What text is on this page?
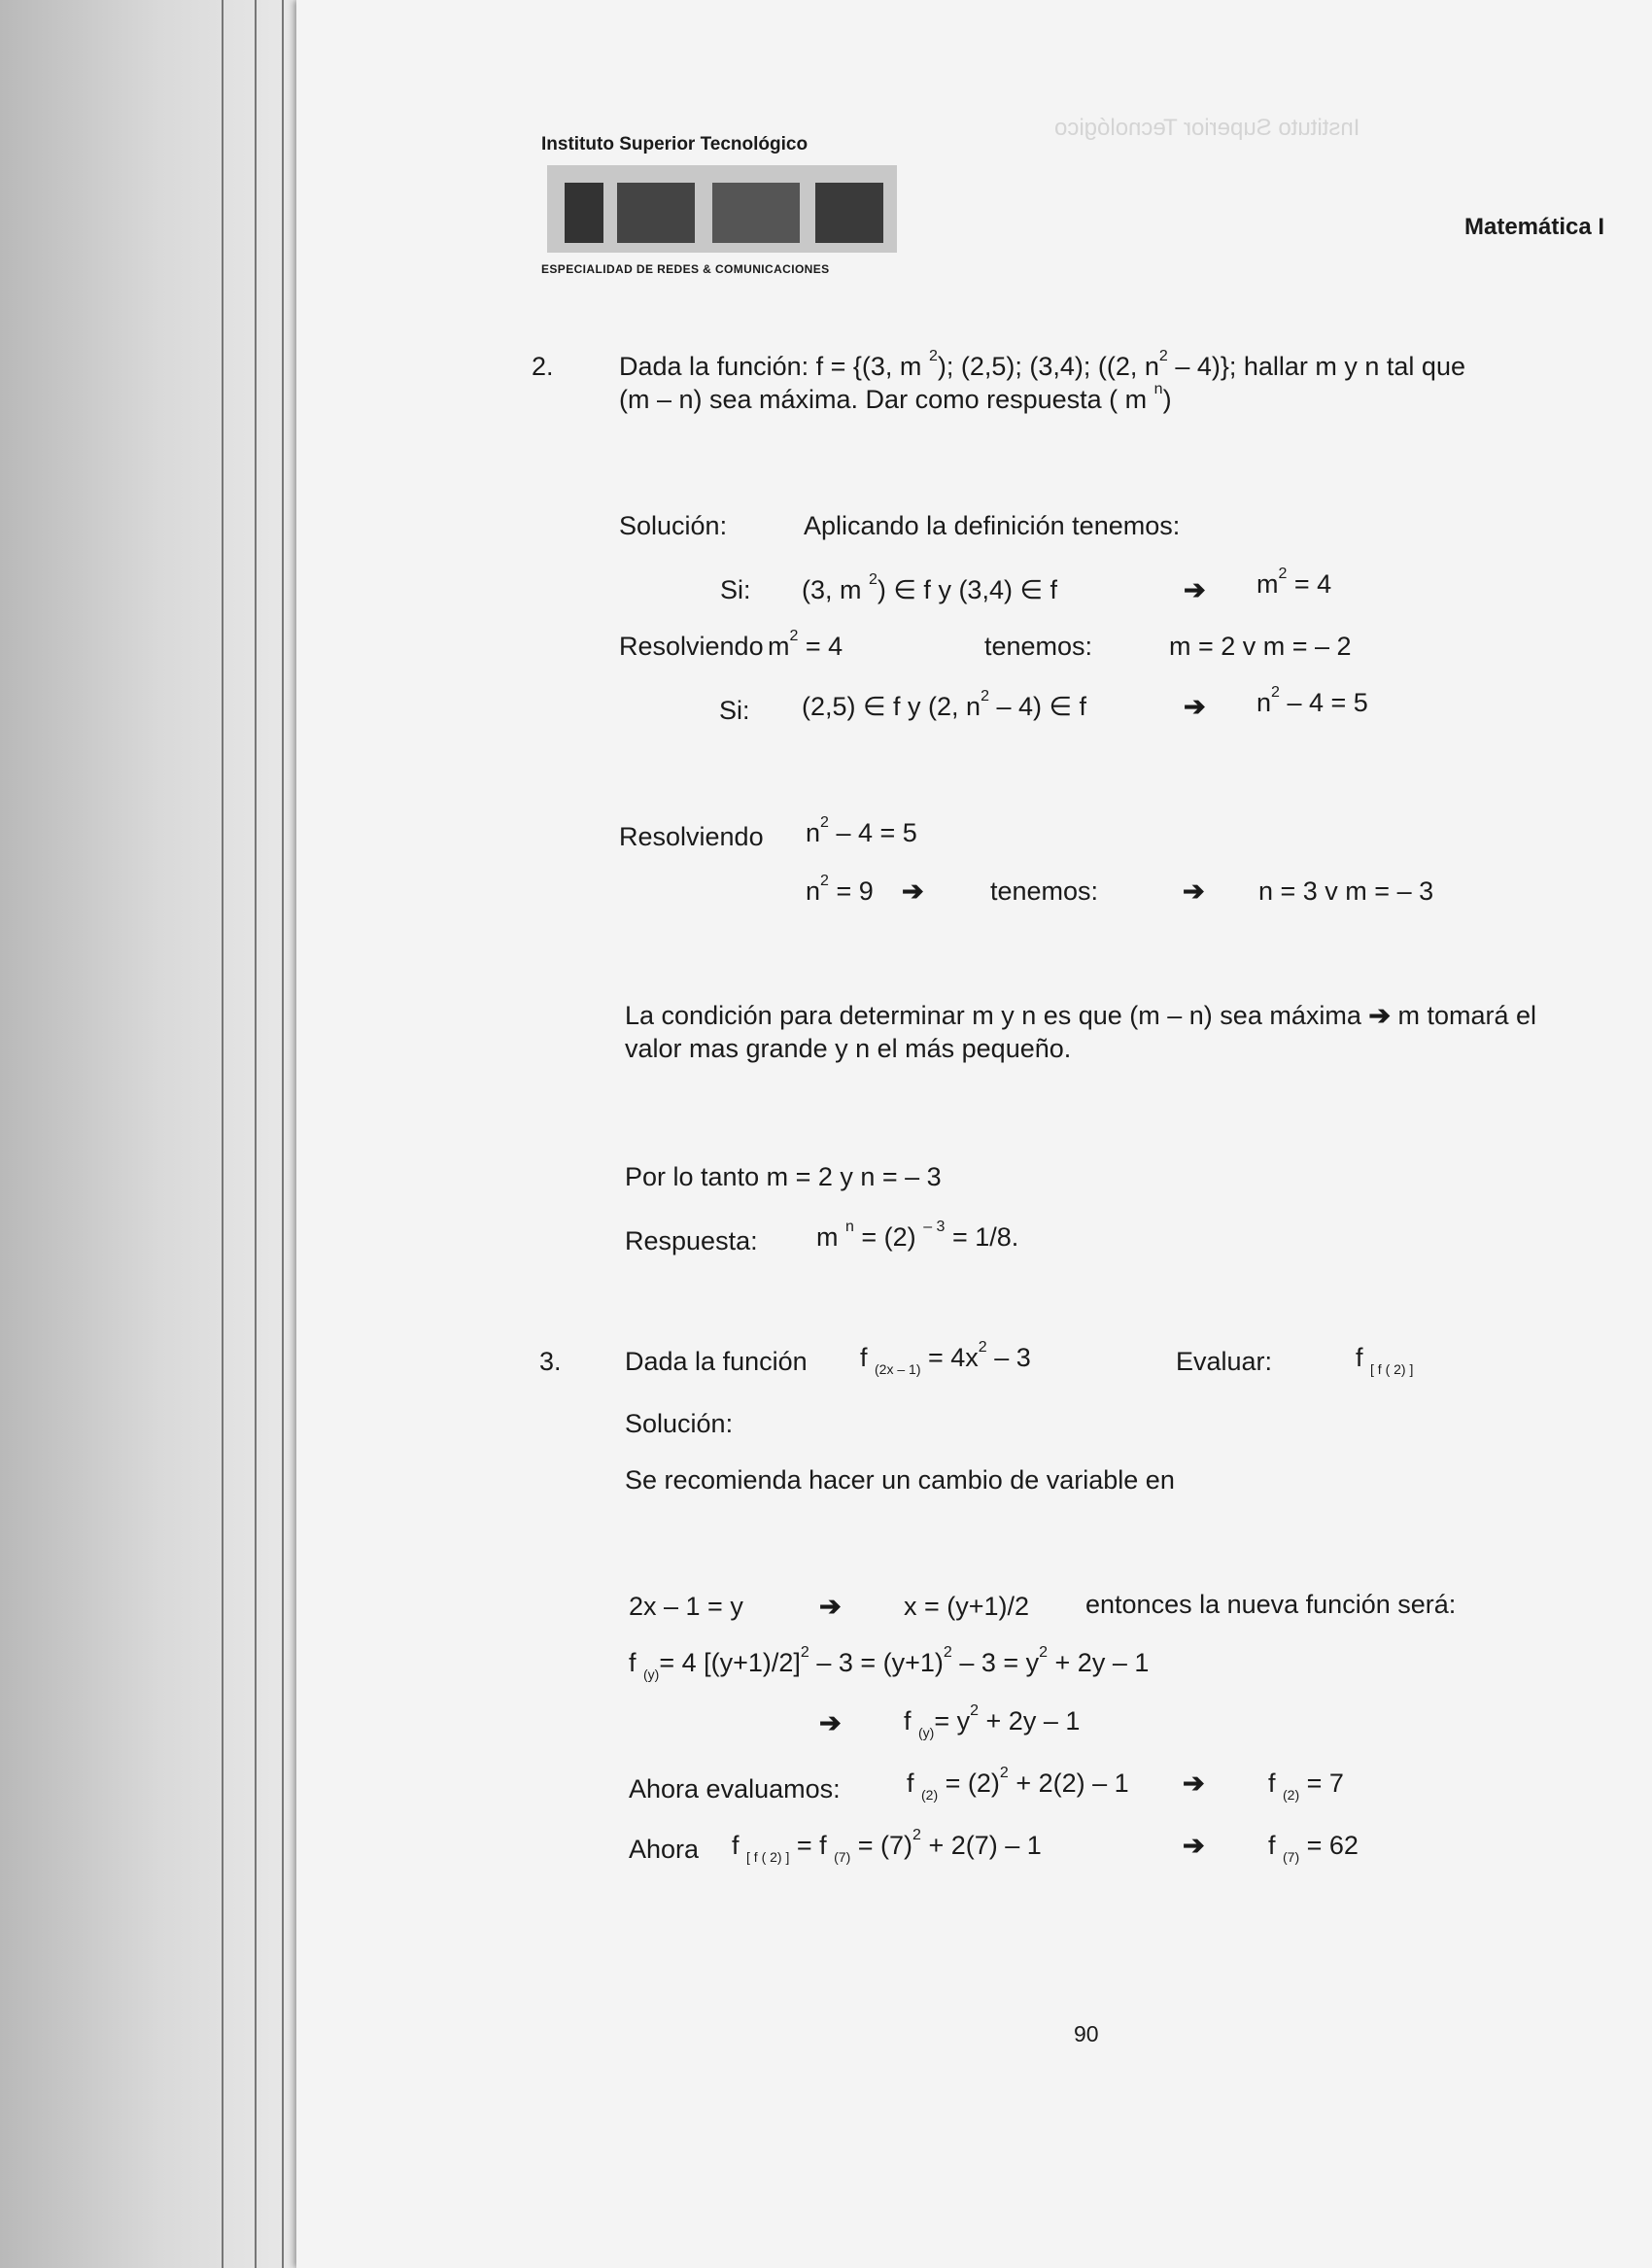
Instituto Superior Tecnológico
Instituto Superior Tecnológico
ESPECIALIDAD DE REDES & COMUNICACIONES
Matemática I
2. Dada la función: f = {(3, m $^2$); (2,5); (3,4); ((2, $n^2 - 4$)}; hallar m y n tal que
(m – n) sea máxima. Dar como respuesta ( m $^n$)
Solución:	Aplicando la definición tenemos:
Si: (3, m $^2$) ∈ f y (3,4) ∈ f	➔ $m^2 = 4$
Resolviendo $m^2 = 4$	tenemos:	m = 2 v m = – 2
Si: (2,5) ∈ f y (2, $n^2 - 4$) ∈ f	➔ $n^2 - 4 = 5$
Resolviendo $n^2 - 4 = 5$
$n^2 = 9$ ➔	tenemos:	➔ n = 3 v m = – 3
La condición para determinar m y n es que (m – n) sea máxima ➔ m tomará el
valor mas grande y n el más pequeño.
Por lo tanto m = 2 y n = – 3
Respuesta: m $^n$ = (2) $^{- 3}$ = 1/8.
3. Dada la función f $_{(2x - 1)} = 4x^2 - 3$	Evaluar:	f $_{[ f ( 2) ]}$
Solución:
Se recomienda hacer un cambio de variable en
2x – 1 = y	➔ x = (y+1)/2 entonces la nueva función será:
f $_{(y)}$= 4 $[(y+1)/2]^2 - 3 = (y+1)^2 - 3 = y^2 + 2y - 1$
➔ f $_{(y)}= y^2 + 2y - 1$
Ahora evaluamos:	f $_{(2)} = (2)^2 + 2(2) - 1$ ➔ f $_{(2)}$ = 7
Ahora f $_{[ f ( 2) ]}$ = f $_{(7)} = (7)^2 + 2(7) - 1$	➔ f $_{(7)}$ = 62
90
